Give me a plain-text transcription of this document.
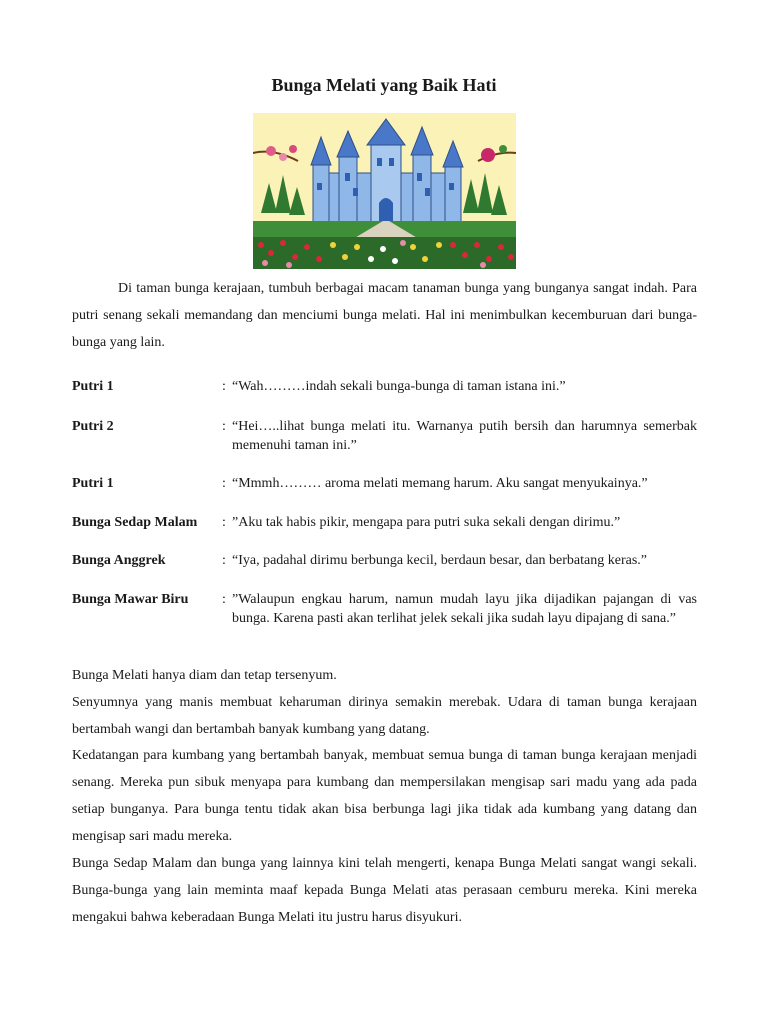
Bunga Melati yang Baik Hati
Di taman bunga kerajaan, tumbuh berbagai macam tanaman bunga yang bunganya sangat indah. Para putri senang sekali memandang dan menciumi bunga melati. Hal ini menimbulkan kecemburuan dari bunga-bunga yang lain.
Putri 1	: “Wah………indah sekali bunga-bunga di taman istana ini.”
Putri 2	: “Hei…..lihat bunga melati itu. Warnanya putih bersih dan harumnya semerbak memenuhi taman ini.”
Putri 1	: “Mmmh……… aroma melati memang harum. Aku sangat menyukainya.”
Bunga Sedap Malam : ”Aku tak habis pikir, mengapa para putri suka sekali dengan dirimu.”
Bunga Anggrek	: “Iya, padahal dirimu berbunga kecil, berdaun besar, dan berbatang keras.”
Bunga Mawar Biru : ”Walaupun engkau harum, namun mudah layu jika dijadikan pajangan di vas bunga. Karena pasti akan terlihat jelek sekali jika sudah layu dipajang di sana.”
Bunga Melati hanya diam dan tetap tersenyum.
Senyumnya yang manis membuat keharuman dirinya semakin merebak. Udara di taman bunga kerajaan bertambah wangi dan bertambah banyak kumbang yang datang.
Kedatangan para kumbang yang bertambah banyak, membuat semua bunga di taman bunga kerajaan menjadi senang. Mereka pun sibuk menyapa para kumbang dan mempersilakan mengisap sari madu yang ada pada setiap bunganya. Para bunga tentu tidak akan bisa berbunga lagi jika tidak ada kumbang yang datang dan mengisap sari madu mereka.
Bunga Sedap Malam dan bunga yang lainnya kini telah mengerti, kenapa Bunga Melati sangat wangi sekali. Bunga-bunga yang lain meminta maaf kepada Bunga Melati atas perasaan cemburu mereka. Kini mereka mengakui bahwa keberadaan Bunga Melati itu justru harus disyukuri.
